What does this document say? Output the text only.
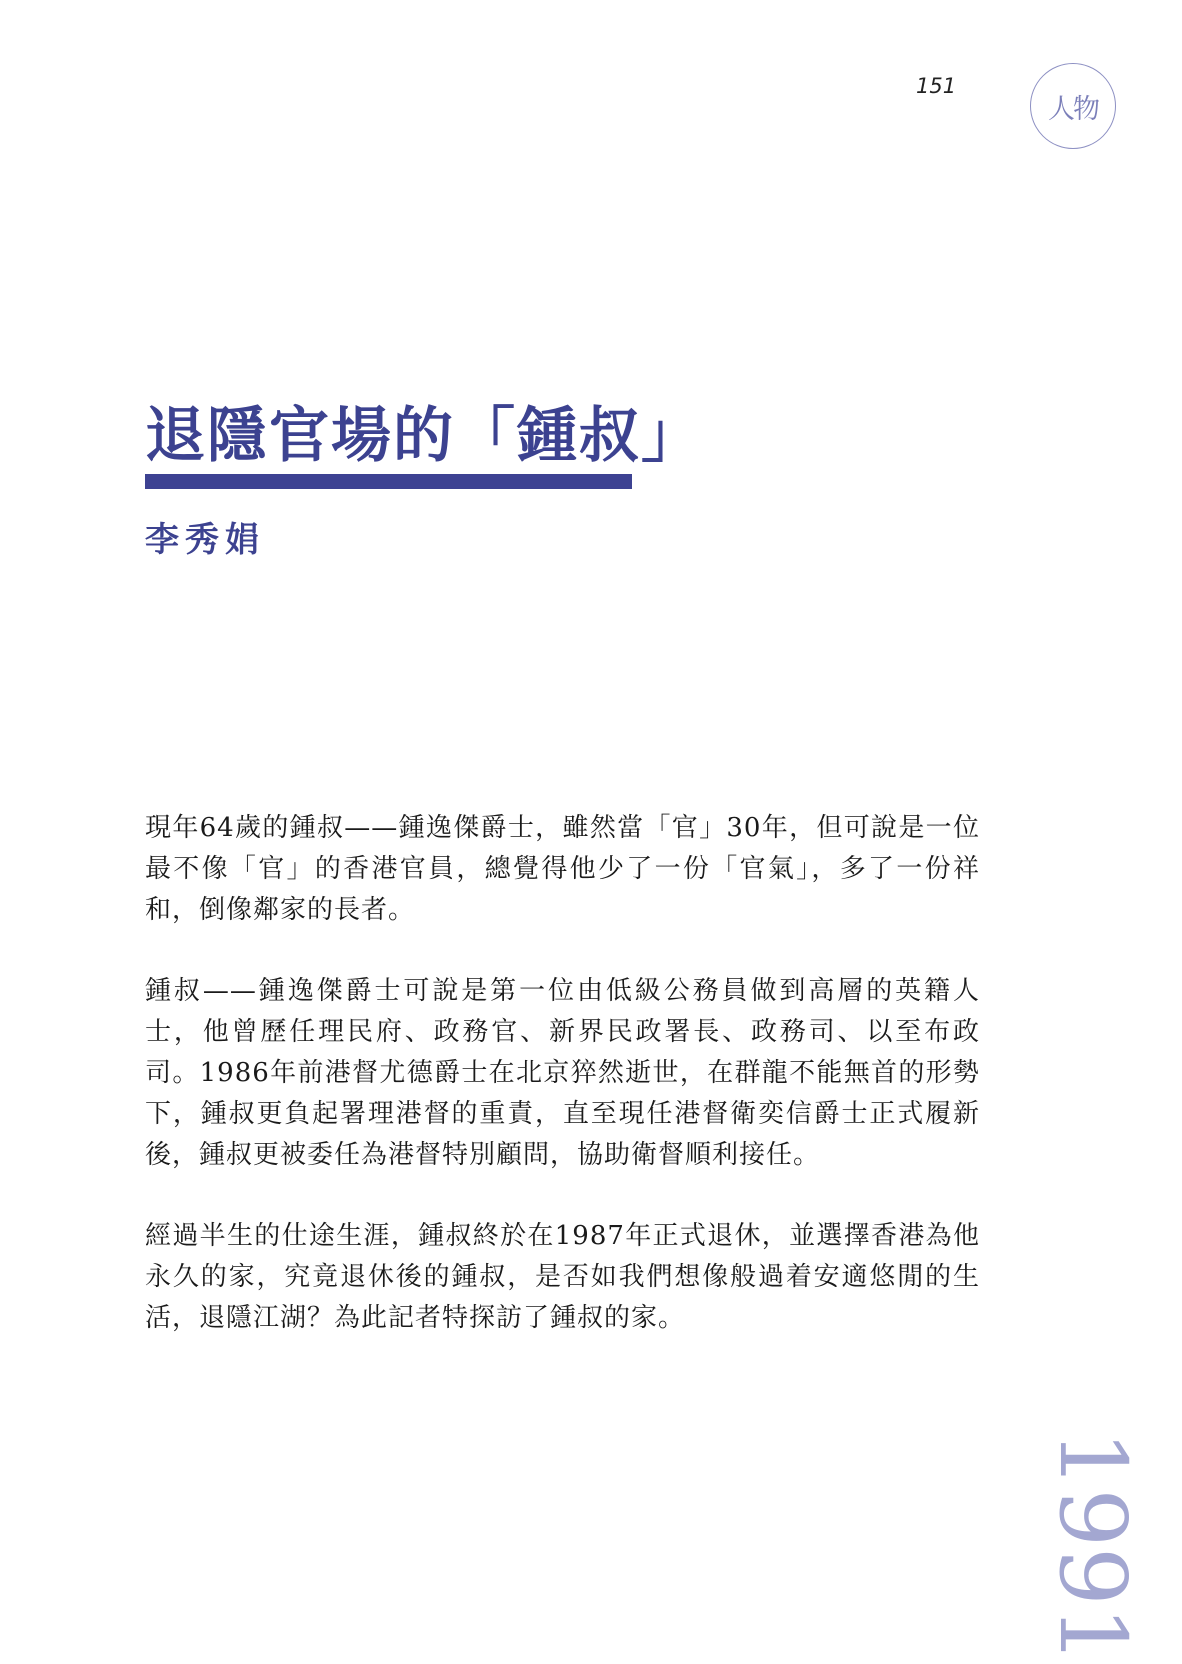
151
人物
退隱官場的「鍾叔」
李秀娟

現年64歲的鍾叔——鍾逸傑爵士，雖然當「官」30年，但可說是一位最不像「官」的香港官員，總覺得他少了一份「官氣」，多了一份祥和，倒像鄰家的長者。

鍾叔——鍾逸傑爵士可說是第一位由低級公務員做到高層的英籍人士，他曾歷任理民府、政務官、新界民政署長、政務司、以至布政司。1986年前港督尤德爵士在北京猝然逝世，在群龍不能無首的形勢下，鍾叔更負起署理港督的重責，直至現任港督衛奕信爵士正式履新後，鍾叔更被委任為港督特別顧問，協助衛督順利接任。

經過半生的仕途生涯，鍾叔終於在1987年正式退休，並選擇香港為他永久的家，究竟退休後的鍾叔，是否如我們想像般過着安適悠閒的生活，退隱江湖？為此記者特探訪了鍾叔的家。

1991
